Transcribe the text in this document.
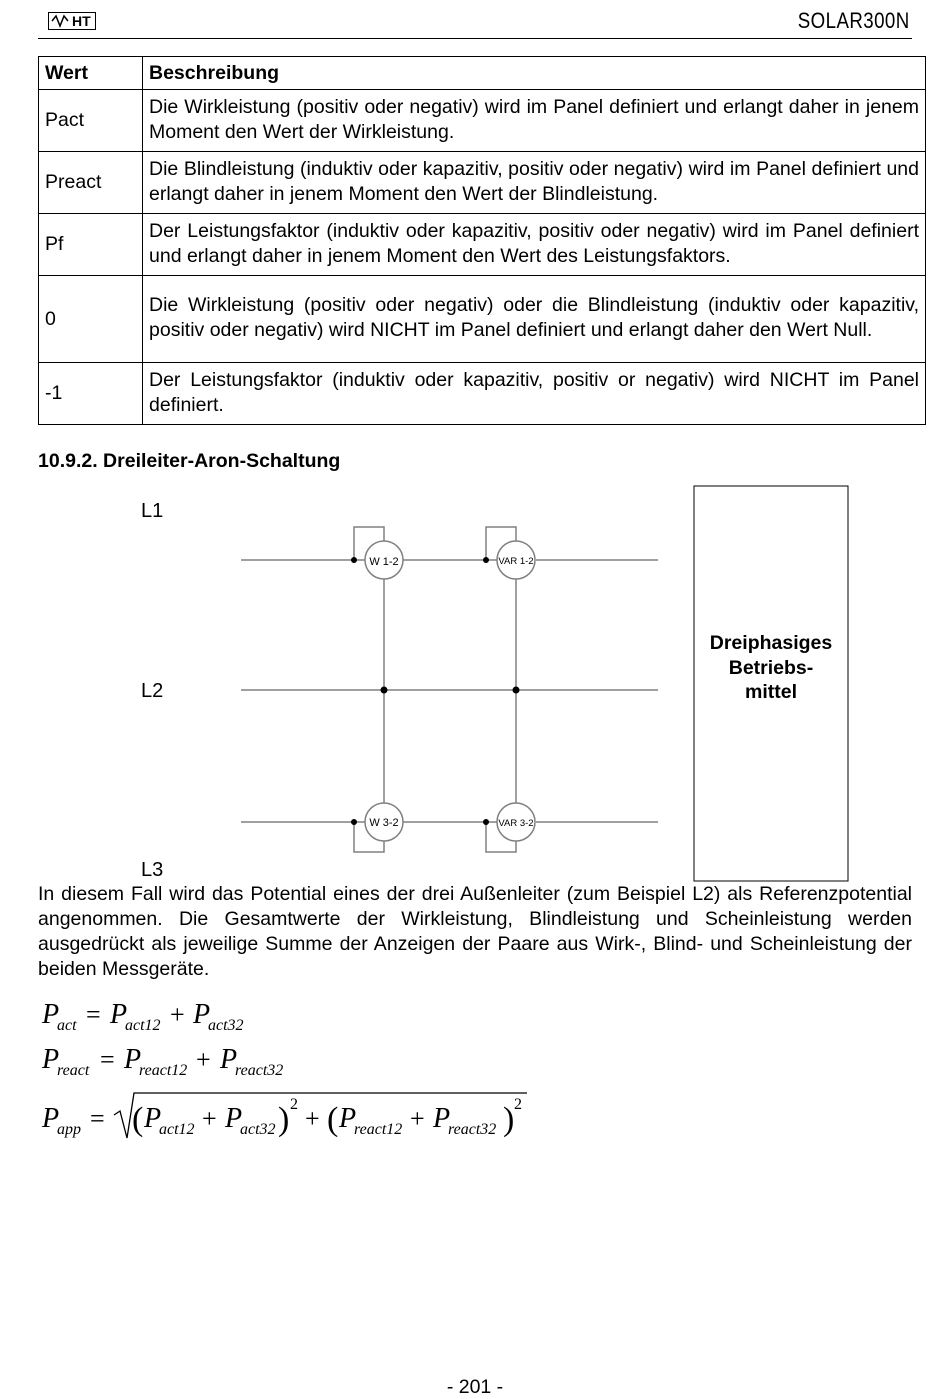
HT	SOLAR300N
Wert	Beschreibung
Pact	Die Wirkleistung (positiv oder negativ) wird im Panel definiert und erlangt daher in jenem Moment den Wert der Wirkleistung.
Preact	Die Blindleistung (induktiv oder kapazitiv, positiv oder negativ) wird im Panel definiert und erlangt daher in jenem Moment den Wert der Blindleistung.
Pf	Der Leistungsfaktor (induktiv oder kapazitiv, positiv oder negativ) wird im Panel definiert und erlangt daher in jenem Moment den Wert des Leistungsfaktors.
0	Die Wirkleistung (positiv oder negativ) oder die Blindleistung (induktiv oder kapazitiv, positiv oder negativ) wird NICHT im Panel definiert und erlangt daher den Wert Null.
-1	Der Leistungsfaktor (induktiv oder kapazitiv, positiv or negativ) wird NICHT im Panel definiert.
10.9.2. Dreileiter-Aron-Schaltung
L1
L2
L3
W 1-2	VAR 1-2
W 3-2	VAR 3-2
Dreiphasiges
Betriebs-
mittel
In diesem Fall wird das Potential eines der drei Außenleiter (zum Beispiel L2) als Referenzpotential angenommen. Die Gesamtwerte der Wirkleistung, Blindleistung und Scheinleistung werden ausgedrückt als jeweilige Summe der Anzeigen der Paare aus Wirk-, Blind- und Scheinleistung der beiden Messgeräte.
P
act = P
act12 + P
act32
P
react = P
react12 + P
react32
P
app = ( P
act12 + P
act32 ) 2 + ( P
react12 + P
react32 ) 2
- 201 -
